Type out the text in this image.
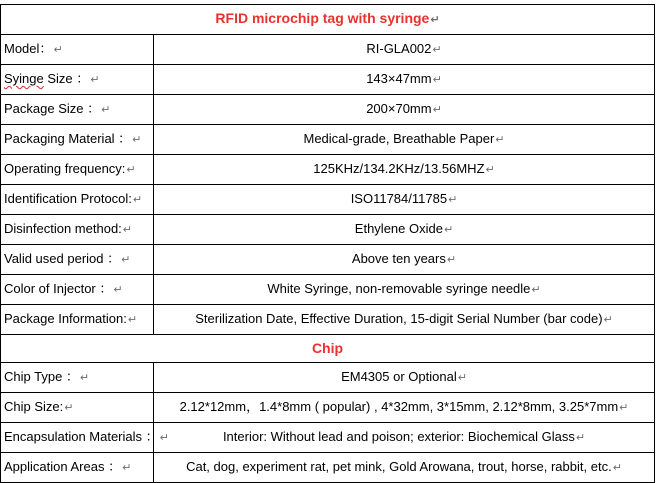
RFID microchip tag with syringe↵	
Model：↵	RI-GLA002↵
Syinge Size ：↵	143×47mm↵
Package Size ：↵	200×70mm↵
Packaging Material ：↵	Medical-grade, Breathable Paper↵
Operating frequency:↵	125KHz/134.2KHz/13.56MHZ↵
Identification Protocol:↵	ISO11784/11785↵
Disinfection method:↵	Ethylene Oxide↵
Valid used period ：↵	Above ten years↵
Color of Injector ：↵	White Syringe, non-removable syringe needle↵
Package Information:↵	Sterilization Date, Effective Duration, 15-digit Serial Number (bar code)↵
Chip	
Chip Type ：↵	EM4305 or Optional↵
Chip Size:↵	2.12*12mm，1.4*8mm ( popular) , 4*32mm, 3*15mm, 2.12*8mm, 3.25*7mm↵
Encapsulation Materials ：↵	Interior: Without lead and poison; exterior: Biochemical Glass↵
Application Areas ：↵	Cat, dog, experiment rat, pet mink, Gold Arowana, trout, horse, rabbit, etc.↵
